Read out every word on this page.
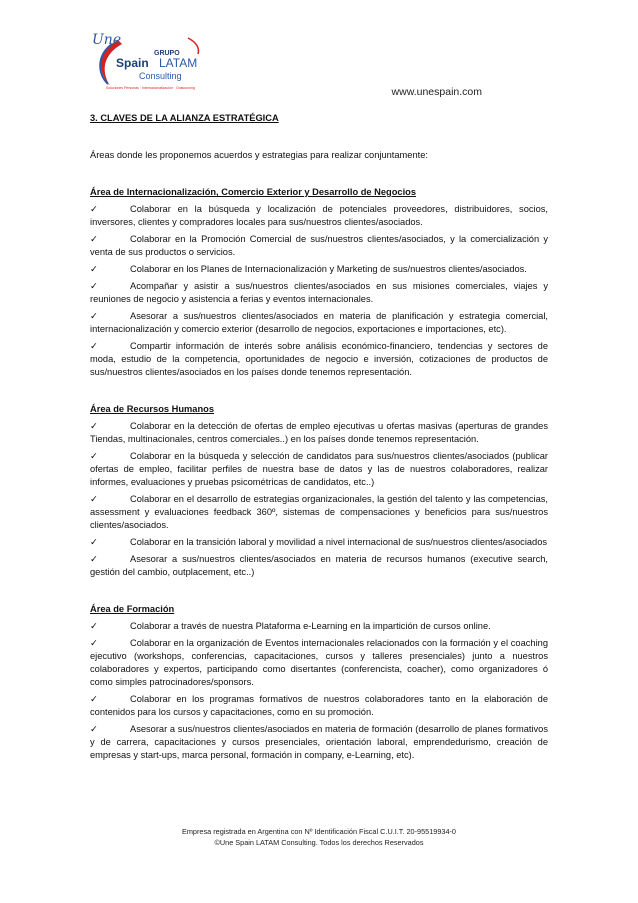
Une
GRUPO
Spain LATAM
Consulting
Soluciones Personas · Internacionalización · Outsourcing	www.unespain.com

3. CLAVES DE LA ALIANZA ESTRATÉGICA

Áreas donde les proponemos acuerdos y estrategias para realizar conjuntamente:

Área de Internacionalización, Comercio Exterior y Desarrollo de Negocios

✓	Colaborar en la búsqueda y localización de potenciales proveedores, distribuidores, socios, inversores, clientes y compradores locales para sus/nuestros clientes/asociados.

✓	Colaborar en la Promoción Comercial de sus/nuestros clientes/asociados, y la comercialización y venta de sus productos o servicios.

✓	Colaborar en los Planes de Internacionalización y Marketing de sus/nuestros clientes/asociados.

✓	Acompañar y asistir a sus/nuestros clientes/asociados en sus misiones comerciales, viajes y reuniones de negocio y asistencia a ferias y eventos internacionales.

✓	Asesorar a sus/nuestros clientes/asociados en materia de planificación y estrategia comercial, internacionalización y comercio exterior (desarrollo de negocios, exportaciones e importaciones, etc).

✓	Compartir información de interés sobre análisis económico-financiero, tendencias y sectores de moda, estudio de la competencia, oportunidades de negocio e inversión, cotizaciones de productos de sus/nuestros clientes/asociados en los países donde tenemos representación.

Área de Recursos Humanos

✓	Colaborar en la detección de ofertas de empleo ejecutivas u ofertas masivas (aperturas de grandes Tiendas, multinacionales, centros comerciales..) en los países donde tenemos representación.

✓	Colaborar en la búsqueda y selección de candidatos para sus/nuestros clientes/asociados (publicar ofertas de empleo, facilitar perfiles de nuestra base de datos y las de nuestros colaboradores, realizar informes, evaluaciones y pruebas psicométricas de candidatos, etc..)

✓	Colaborar en el desarrollo de estrategias organizacionales, la gestión del talento y las competencias, assessment y evaluaciones feedback 360º, sistemas de compensaciones y beneficios para sus/nuestros clientes/asociados.

✓	Colaborar en la transición laboral y movilidad a nivel internacional de sus/nuestros clientes/asociados

✓	Asesorar a sus/nuestros clientes/asociados en materia de recursos humanos (executive search, gestión del cambio, outplacement, etc..)

Área de Formación

✓	Colaborar a través de nuestra Plataforma e-Learning en la impartición de cursos online.

✓	Colaborar en la organización de Eventos internacionales relacionados con la formación y el coaching ejecutivo (workshops, conferencias, capacitaciones, cursos y talleres presenciales) junto a nuestros colaboradores y expertos, participando como disertantes (conferencista, coacher), como organizadores ó como simples patrocinadores/sponsors.

✓	Colaborar en los programas formativos de nuestros colaboradores tanto en la elaboración de contenidos para los cursos y capacitaciones, como en su promoción.

✓	Asesorar a sus/nuestros clientes/asociados en materia de formación (desarrollo de planes formativos y de carrera, capacitaciones y cursos presenciales, orientación laboral, emprendedurismo, creación de empresas y start-ups, marca personal, formación in company, e-Learning, etc).

Empresa registrada en Argentina con Nº Identificación Fiscal C.U.I.T. 20-95519934-0
©Une Spain LATAM Consulting. Todos los derechos Reservados
